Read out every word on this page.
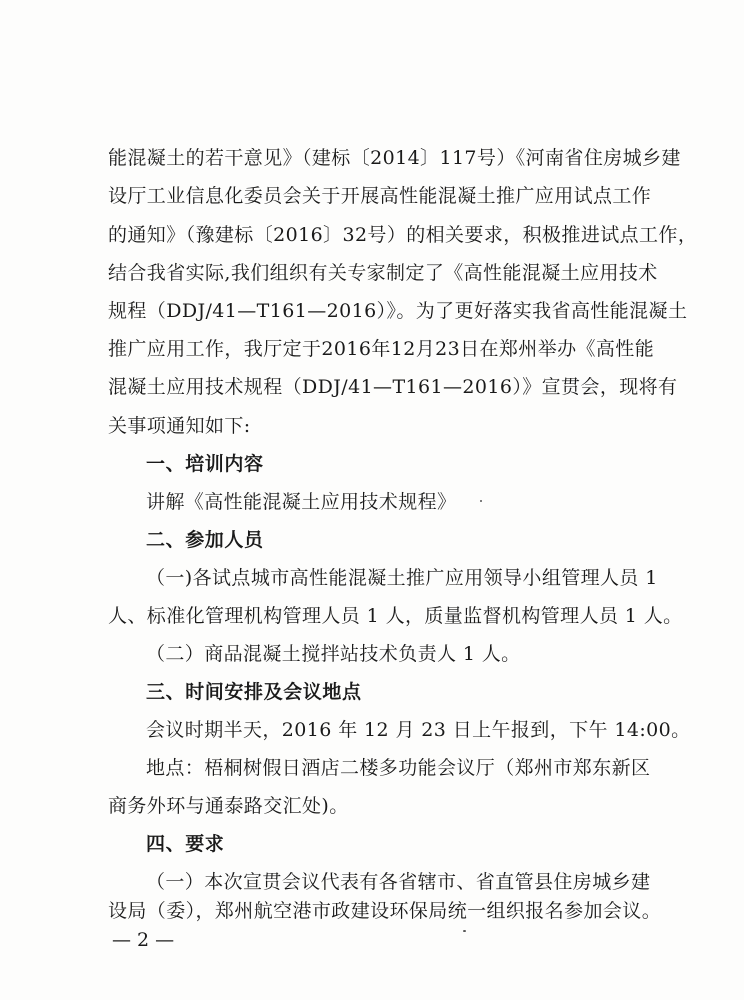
能混凝土的若干意见》（建标〔2014〕117号）《河南省住房城乡建
设厅工业信息化委员会关于开展高性能混凝土推广应用试点工作
的通知》（豫建标〔2016〕32号）的相关要求，积极推进试点工作，
结合我省实际,我们组织有关专家制定了《高性能混凝土应用技术
规程（DDJ/41—T161—2016）》。为了更好落实我省高性能混凝土
推广应用工作，我厅定于2016年12月23日在郑州举办《高性能
混凝土应用技术规程（DDJ/41—T161—2016）》宣贯会，现将有
关事项通知如下:
一、培训内容
讲解《高性能混凝土应用技术规程》
二、参加人员
（一)各试点城市高性能混凝土推广应用领导小组管理人员 1
人、标准化管理机构管理人员 1 人，质量监督机构管理人员 1 人。
（二）商品混凝土搅拌站技术负责人 1 人。
三、时间安排及会议地点
会议时期半天，2016 年 12 月 23 日上午报到，下午 14:00。
地点：梧桐树假日酒店二楼多功能会议厅（郑州市郑东新区
商务外环与通泰路交汇处)。
四、要求
（一）本次宣贯会议代表有各省辖市、省直管县住房城乡建
设局（委），郑州航空港市政建设环保局统一组织报名参加会议。
— 2 —
